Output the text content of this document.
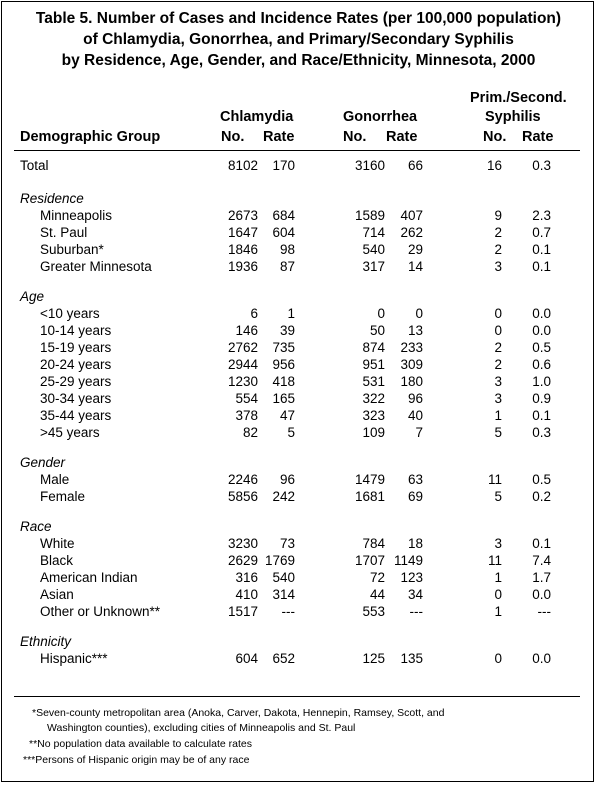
Table 5. Number of Cases and Incidence Rates (per 100,000 population)
of Chlamydia, Gonorrhea, and Primary/Secondary Syphilis
by Residence, Age, Gender, and Race/Ethnicity, Minnesota, 2000
Prim./Second.
Chlamydia	Gonorrhea	Syphilis
Demographic Group	No. Rate	No. Rate	No. Rate
Total	8102 170	3160 66	16 0.3
Residence
Minneapolis	2673 684	1589 407	9 2.3
St. Paul	1647 604	714 262	2 0.7
Suburban*	1846 98	540 29	2 0.1
Greater Minnesota	1936 87	317 14	3 0.1
Age
<10 years	6 1	0 0	0 0.0
10-14 years	146 39	50 13	0 0.0
15-19 years	2762 735	874 233	2 0.5
20-24 years	2944 956	951 309	2 0.6
25-29 years	1230 418	531 180	3 1.0
30-34 years	554 165	322 96	3 0.9
35-44 years	378 47	323 40	1 0.1
>45 years	82 5	109 7	5 0.3
Gender
Male	2246 96	1479 63	11 0.5
Female	5856 242	1681 69	5 0.2
Race
White	3230 73	784 18	3 0.1
Black	2629 1769	1707 1149	11 7.4
American Indian	316 540	72 123	1 1.7
Asian	410 314	44 34	0 0.0
Other or Unknown**	1517 ---	553 ---	1	---
Ethnicity
Hispanic***	604 652	125 135	0 0.0
*Seven-county metropolitan area (Anoka, Carver, Dakota, Hennepin, Ramsey, Scott, and
Washington counties), excluding cities of Minneapolis and St. Paul
**No population data available to calculate rates
***Persons of Hispanic origin may be of any race
